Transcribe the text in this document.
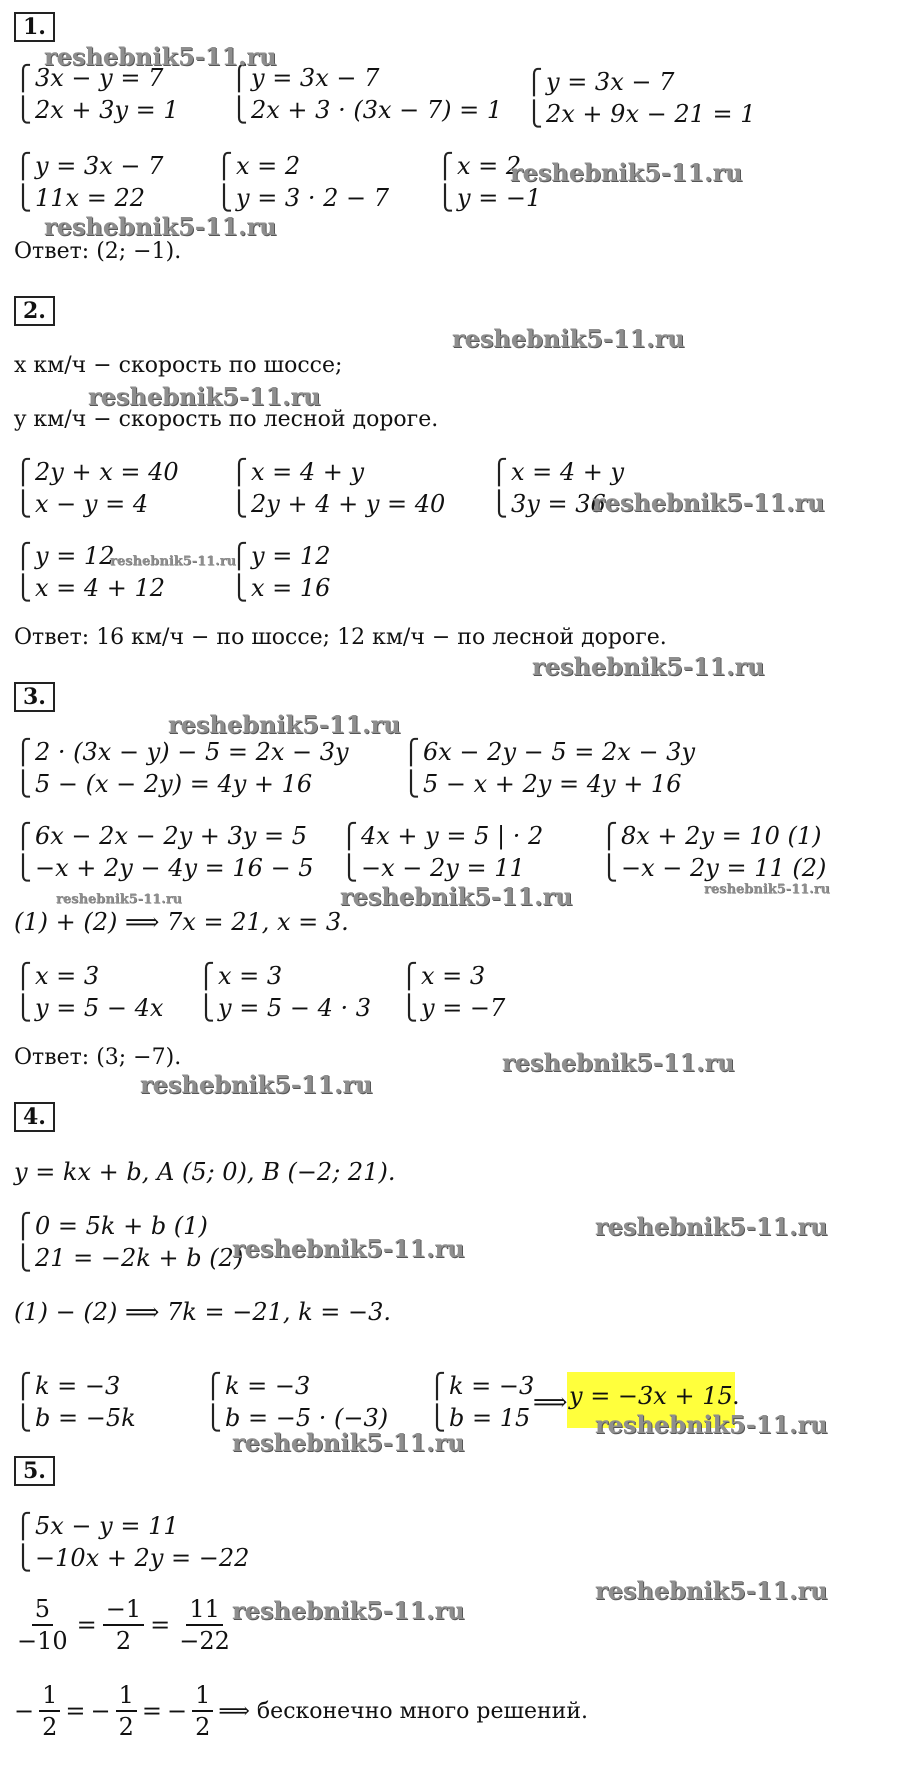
1.
⎧
⎩
3x − y = 7
2x + 3y = 1
⎧
⎩
y = 3x − 7
2x + 3 · (3x − 7) = 1
⎧
⎩
y = 3x − 7
2x + 9x − 21 = 1
⎧
⎩
y = 3x − 7
11x = 22
⎧
⎩
x = 2
y = 3 · 2 − 7
⎧
⎩
x = 2
y = −1
Ответ: (2; −1).
2.
x км/ч − скорость по шоссе;
y км/ч − скорость по лесной дороге.
⎧
⎩
2y + x = 40
x − y = 4
⎧
⎩
x = 4 + y
2y + 4 + y = 40
⎧
⎩
x = 4 + y
3y = 36
⎧
⎩
y = 12
x = 4 + 12
⎧
⎩
y = 12
x = 16
Ответ: 16 км/ч − по шоссе; 12 км/ч − по лесной дороге.
3.
⎧
⎩
2 · (3x − y) − 5 = 2x − 3y
5 − (x − 2y) = 4y + 16
⎧
⎩
6x − 2y − 5 = 2x − 3y
5 − x + 2y = 4y + 16
⎧
⎩
6x − 2x − 2y + 3y = 5
−x + 2y − 4y = 16 − 5
⎧
⎩
4x + y = 5 | · 2
−x − 2y = 11
⎧
⎩
8x + 2y = 10 (1)
−x − 2y = 11 (2)
(1) + (2) ⟹ 7x = 21, x = 3.
⎧
⎩
x = 3
y = 5 − 4x
⎧
⎩
x = 3
y = 5 − 4 · 3
⎧
⎩
x = 3
y = −7
Ответ: (3; −7).
4.
y = kx + b, A (5; 0), B (−2; 21).
⎧
⎩
0 = 5k + b (1)
21 = −2k + b (2)
(1) − (2) ⟹ 7k = −21, k = −3.
⎧
⎩
k = −3
b = −5k
⎧
⎩
k = −3
b = −5 · (−3)
⎧
⎩
k = −3
b = 15
⟹ y = −3x + 15 .
5.
⎧
⎩
5x − y = 11
−10x + 2y = −22
$\frac{5}{-10} = \frac{-1}{2} = \frac{11}{-22}$
− $\frac{1}{2}$ = − $\frac{1}{2}$ = − $\frac{1}{2}$ ⟹ бесконечно много решений.
reshebnik5-11.ru
reshebnik5-11.ru
reshebnik5-11.ru
reshebnik5-11.ru
reshebnik5-11.ru
reshebnik5-11.ru
reshebnik5-11.ru
reshebnik5-11.ru
reshebnik5-11.ru
reshebnik5-11.ru	reshebnik5-11.ru	reshebnik5-11.ru
reshebnik5-11.ru
reshebnik5-11.ru
reshebnik5-11.ru
reshebnik5-11.ru
reshebnik5-11.ru
reshebnik5-11.ru
reshebnik5-11.ru
reshebnik5-11.ru
